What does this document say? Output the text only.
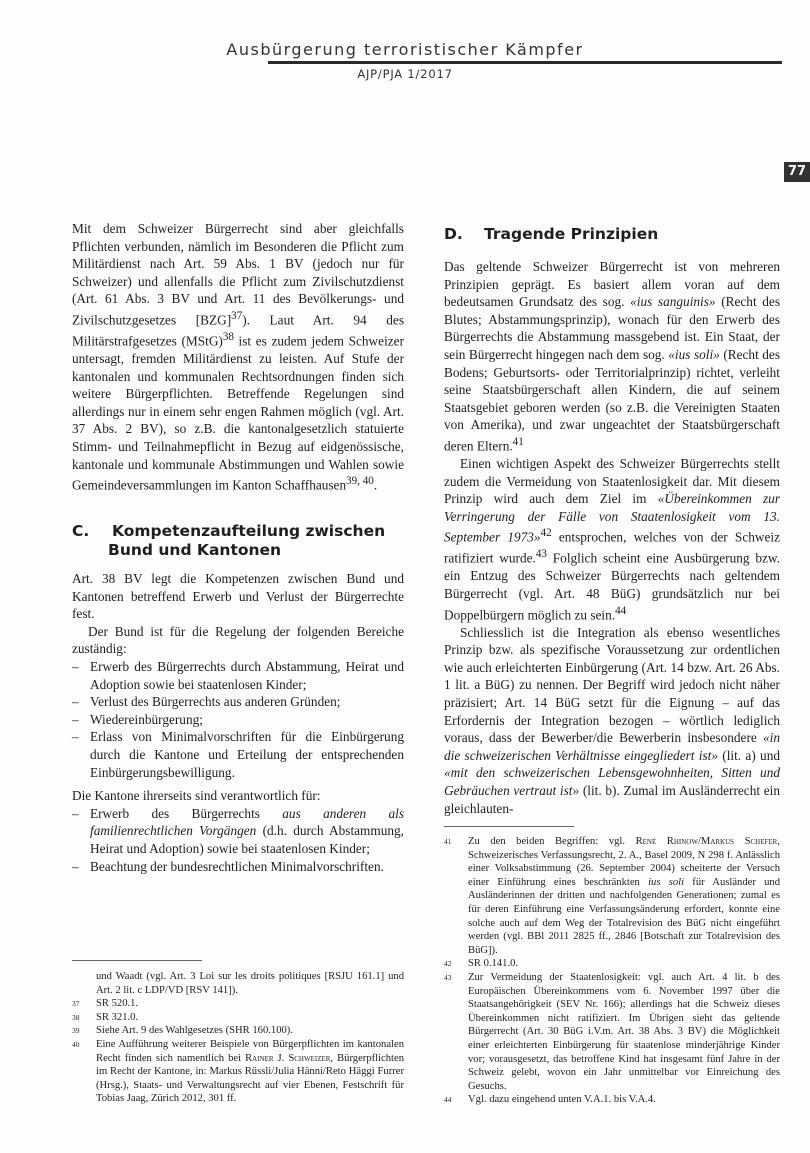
Ausbürgerung terroristischer Kämpfer
AJP/PJA 1/2017
77

Mit dem Schweizer Bürgerrecht sind aber gleichfalls Pflichten verbunden, nämlich im Besonderen die Pflicht zum Militärdienst nach Art. 59 Abs. 1 BV (jedoch nur für Schweizer) und allenfalls die Pflicht zum Zivilschutzdienst (Art. 61 Abs. 3 BV und Art. 11 des Bevölkerungs- und Zivilschutzgesetzes [BZG]$^{37}$). Laut Art. 94 des Militärstrafgesetzes (MStG)$^{38}$ ist es zudem jedem Schweizer untersagt, fremden Militärdienst zu leisten. Auf Stufe der kantonalen und kommunalen Rechtsordnungen finden sich weitere Bürgerpflichten. Betreffende Regelungen sind allerdings nur in einem sehr engen Rahmen möglich (vgl. Art. 37 Abs. 2 BV), so z.B. die kantonalgesetzlich statuierte Stimm- und Teilnahmepflicht in Bezug auf eidgenössische, kantonale und kommunale Abstimmungen und Wahlen sowie Gemeindeversammlungen im Kanton Schaffhausen$^{39, 40}$.

C. Kompetenzaufteilung zwischen
Bund und Kantonen

Art. 38 BV legt die Kompetenzen zwischen Bund und Kantonen betreffend Erwerb und Verlust der Bürgerrechte fest.

Der Bund ist für die Regelung der folgenden Bereiche zuständig:

– Erwerb des Bürgerrechts durch Abstammung, Heirat und Adoption sowie bei staatenlosen Kinder;
– Verlust des Bürgerrechts aus anderen Gründen;
– Wiedereinbürgerung;
– Erlass von Minimalvorschriften für die Einbürgerung durch die Kantone und Erteilung der entsprechenden Einbürgerungsbewilligung.

Die Kantone ihrerseits sind verantwortlich für:

– Erwerb des Bürgerrechts aus anderen als familienrechtlichen Vorgängen (d.h. durch Abstammung, Heirat und Adoption) sowie bei staatenlosen Kinder;
– Beachtung der bundesrechtlichen Minimalvorschriften.
D. Tragende Prinzipien

Das geltende Schweizer Bürgerrecht ist von mehreren Prinzipien geprägt. Es basiert allem voran auf dem bedeutsamen Grundsatz des sog. «ius sanguinis» (Recht des Blutes; Abstammungsprinzip), wonach für den Erwerb des Bürgerrechts die Abstammung massgebend ist. Ein Staat, der sein Bürgerrecht hingegen nach dem sog. «ius soli» (Recht des Bodens; Geburtsorts- oder Territorialprinzip) richtet, verleiht seine Staatsbürgerschaft allen Kindern, die auf seinem Staatsgebiet geboren werden (so z.B. die Vereinigten Staaten von Amerika), und zwar ungeachtet der Staatsbürgerschaft deren Eltern.$^{41}$

Einen wichtigen Aspekt des Schweizer Bürgerrechts stellt zudem die Vermeidung von Staatenlosigkeit dar. Mit diesem Prinzip wird auch dem Ziel im «Übereinkommen zur Verringerung der Fälle von Staatenlosigkeit vom 13. September 1973»$^{42}$ entsprochen, welches von der Schweiz ratifiziert wurde.$^{43}$ Folglich scheint eine Ausbürgerung bzw. ein Entzug des Schweizer Bürgerrechts nach geltendem Bürgerrecht (vgl. Art. 48 BüG) grundsätzlich nur bei Doppelbürgern möglich zu sein.$^{44}$

Schliesslich ist die Integration als ebenso wesentliches Prinzip bzw. als spezifische Voraussetzung zur ordentlichen wie auch erleichterten Einbürgerung (Art. 14 bzw. Art. 26 Abs. 1 lit. a BüG) zu nennen. Der Begriff wird jedoch nicht näher präzisiert; Art. 14 BüG setzt für die Eignung – auf das Erfordernis der Integration bezogen – wörtlich lediglich voraus, dass der Bewerber/die Bewerberin insbesondere «in die schweizerischen Verhältnisse eingegliedert ist» (lit. a) und «mit den schweizerischen Lebensgewohnheiten, Sitten und Gebräuchen vertraut ist» (lit. b). Zumal im Ausländerrecht ein gleichlauten-

und Waadt (vgl. Art. 3 Loi sur les droits politiques [RSJU 161.1] und Art. 2 lit. c LDP/VD [RSV 141]).
37 SR 520.1.
38 SR 321.0.
39 Siehe Art. 9 des Wahlgesetzes (SHR 160.100).
40 Eine Aufführung weiterer Beispiele von Bürgerpflichten im kantonalen Recht finden sich namentlich bei Rainer J. Schweizer, Bürgerpflichten im Recht der Kantone, in: Markus Rüssli/Julia Hänni/Reto Häggi Furrer (Hrsg.), Staats- und Verwaltungsrecht auf vier Ebenen, Festschrift für Tobias Jaag, Zürich 2012, 301 ff.
41 Zu den beiden Begriffen: vgl. René Rhinow/Markus Schefer, Schweizerisches Verfassungsrecht, 2. A., Basel 2009, N 298 f. Anlässlich einer Volksabstimmung (26. September 2004) scheiterte der Versuch einer Einführung eines beschränkten ius soli für Ausländer und Ausländerinnen der dritten und nachfolgenden Generationen; zumal es für deren Einführung eine Verfassungsänderung erfordert, konnte eine solche auch auf dem Weg der Totalrevision des BüG nicht eingeführt werden (vgl. BBl 2011 2825 ff., 2846 [Botschaft zur Totalrevision des BüG]).
42 SR 0.141.0.
43 Zur Vermeidung der Staatenlosigkeit: vgl. auch Art. 4 lit. b des Europäischen Übereinkommens vom 6. November 1997 über die Staatsangehörigkeit (SEV Nr. 166); allerdings hat die Schweiz dieses Übereinkommen nicht ratifiziert. Im Übrigen sieht das geltende Bürgerrecht (Art. 30 BüG i.V.m. Art. 38 Abs. 3 BV) die Möglichkeit einer erleichterten Einbürgerung für staatenlose minderjährige Kinder vor; vorausgesetzt, das betroffene Kind hat insgesamt fünf Jahre in der Schweiz gelebt, wovon ein Jahr unmittelbar vor Einreichung des Gesuchs.
44 Vgl. dazu eingehend unten V.A.1. bis V.A.4.
